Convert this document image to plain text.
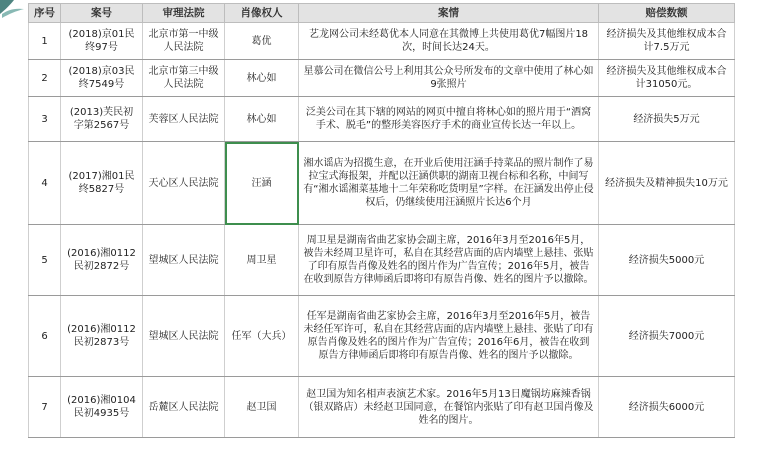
序号	案号	审理法院	肖像权人	案情	赔偿数额
1	(2018)京01民终97号	北京市第一中级人民法院	葛优	艺龙网公司未经葛优本人同意在其微博上共使用葛优7幅图片18次，时间长达24天。	经济损失及其他维权成本合计7.5万元
2	(2018)京03民终7549号	北京市第三中级人民法院	林心如	星慕公司在微信公号上利用其公众号所发布的文章中使用了林心如9张照片	经济损失及其他维权成本合计31050元。
3	(2013)芙民初字第2567号	芙蓉区人民法院	林心如	泛美公司在其下辖的网站的网页中擅自将林心如的照片用于“酒窝手术、脱毛”的整形美容医疗手术的商业宣传长达一年以上。	经济损失5万元
4	(2017)湘01民终5827号	天心区人民法院	汪涵	湘水谣店为招揽生意，在开业后使用汪涵手持菜品的照片制作了易拉宝式海报架，并配以汪涵供职的湖南卫视台标和名称，中间写有“湘水谣湘菜基地十二年荣称吃货明星”字样。在汪涵发出停止侵权后，仍继续使用汪涵照片长达6个月	经济损失及精神损失10万元
5	(2016)湘0112民初2872号	望城区人民法院	周卫星	周卫星是湖南省曲艺家协会副主席，2016年3月至2016年5月，被告未经周卫星许可，私自在其经营店面的店内墙壁上悬挂、张贴了印有原告肖像及姓名的图片作为广告宣传；2016年5月，被告在收到原告方律师函后即将印有原告肖像、姓名的图片予以撤除。	经济损失5000元
6	(2016)湘0112民初2873号	望城区人民法院	任军（大兵）	任军是湖南省曲艺家协会主席，2016年3月至2016年5月，被告未经任军许可，私自在其经营店面的店内墙壁上悬挂、张贴了印有原告肖像及姓名的图片作为广告宣传；2016年6月，被告在收到原告方律师函后即将印有原告肖像、姓名的图片予以撤除。	经济损失7000元
7	(2016)湘0104民初4935号	岳麓区人民法院	赵卫国	赵卫国为知名相声表演艺术家。2016年5月13日魔锅坊麻辣香锅（银双路店）未经赵卫国同意，在餐馆内张贴了印有赵卫国肖像及姓名的图片。	经济损失6000元
